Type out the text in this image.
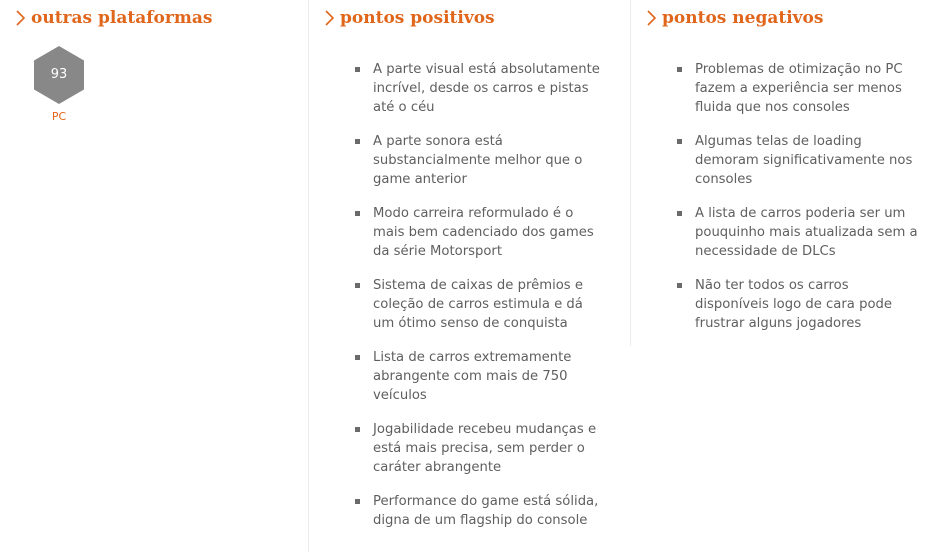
outras plataformas
93
PC
pontos positivos
A parte visual está absolutamente incrível, desde os carros e pistas até o céu
A parte sonora está substancialmente melhor que o game anterior
Modo carreira reformulado é o mais bem cadenciado dos games da série Motorsport
Sistema de caixas de prêmios e coleção de carros estimula e dá um ótimo senso de conquista
Lista de carros extremamente abrangente com mais de 750 veículos
Jogabilidade recebeu mudanças e está mais precisa, sem perder o caráter abrangente
Performance do game está sólida, digna de um flagship do console
pontos negativos
Problemas de otimização no PC fazem a experiência ser menos fluida que nos consoles
Algumas telas de loading demoram significativamente nos consoles
A lista de carros poderia ser um pouquinho mais atualizada sem a necessidade de DLCs
Não ter todos os carros disponíveis logo de cara pode frustrar alguns jogadores
